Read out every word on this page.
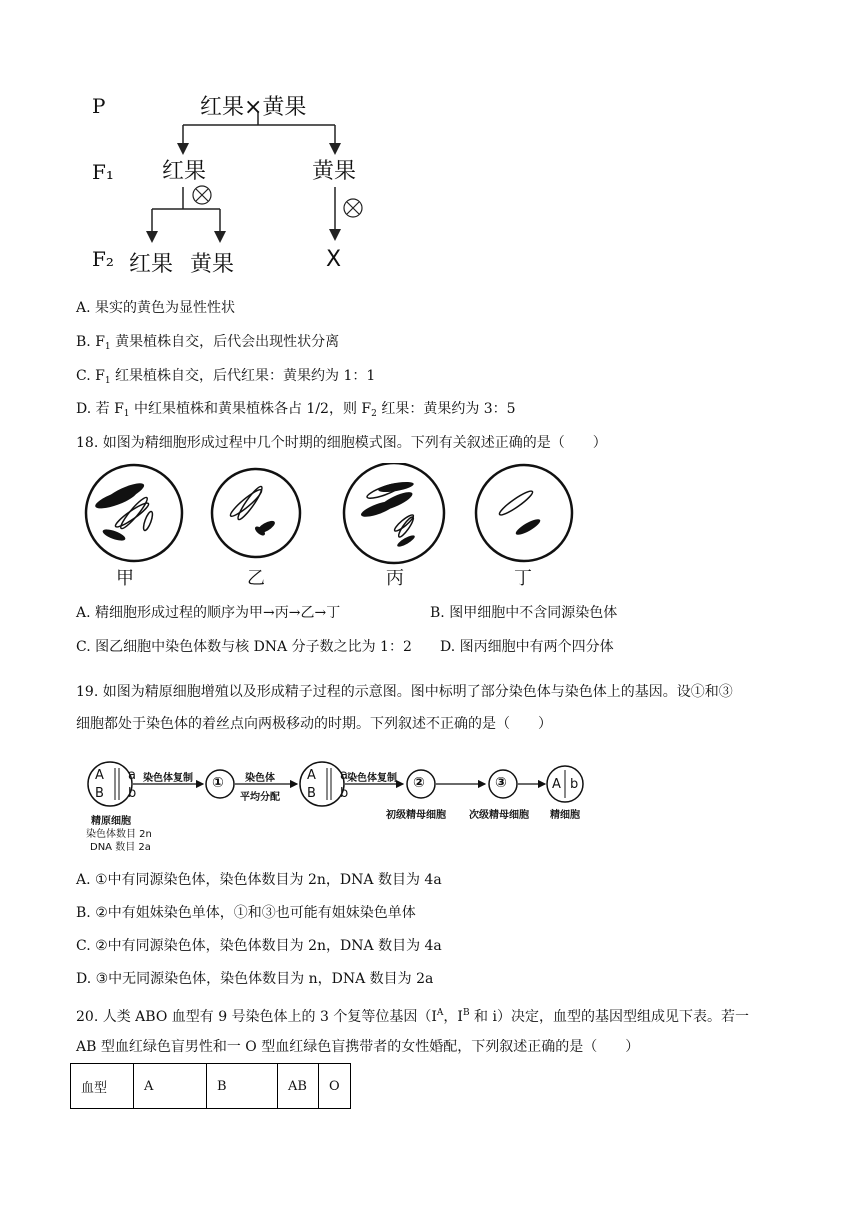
P
F₁
F₂
红果×黄果
红果	黄果
红果 黄果	X
A. 果实的黄色为显性性状
B. $F_1$ 黄果植株自交，后代会出现性状分离
C. $F_1$ 红果植株自交，后代红果：黄果约为 1：1
D. 若 $F_1$ 中红果植株和黄果植株各占 1/2，则 $F_2$ 红果：黄果约为 3：5
18. 如图为精细胞形成过程中几个时期的细胞模式图。下列有关叙述正确的是（　　）
甲	乙	丙	丁
A. 精细胞形成过程的顺序为甲→丙→乙→丁	B. 图甲细胞中不含同源染色体
C. 图乙细胞中染色体数与核 DNA 分子数之比为 1：2 D. 图丙细胞中有两个四分体
19. 如图为精原细胞增殖以及形成精子过程的示意图。图中标明了部分染色体与染色体上的基因。设①和③
细胞都处于染色体的着丝点向两极移动的时期。下列叙述不正确的是（　　）
A a
B b
A a
B b
A b
①	②	③
染色体复制	染色体
平均分配
染色体复制
精原细胞
染色体数目 2n
DNA 数目 2a
初级精母细胞 次级精母细胞 精细胞
A. ①中有同源染色体，染色体数目为 2n，DNA 数目为 4a
B. ②中有姐妹染色单体，①和③也可能有姐妹染色单体
C. ②中有同源染色体，染色体数目为 2n，DNA 数目为 4a
D. ③中无同源染色体，染色体数目为 n，DNA 数目为 2a
20. 人类 ABO 血型有 9 号染色体上的 3 个复等位基因（$I^A$，$I^B$ 和 i）决定，血型的基因型组成见下表。若一
AB 型血红绿色盲男性和一 O 型血红绿色盲携带者的女性婚配，下列叙述正确的是（　　）
血型	A	B	AB	O
